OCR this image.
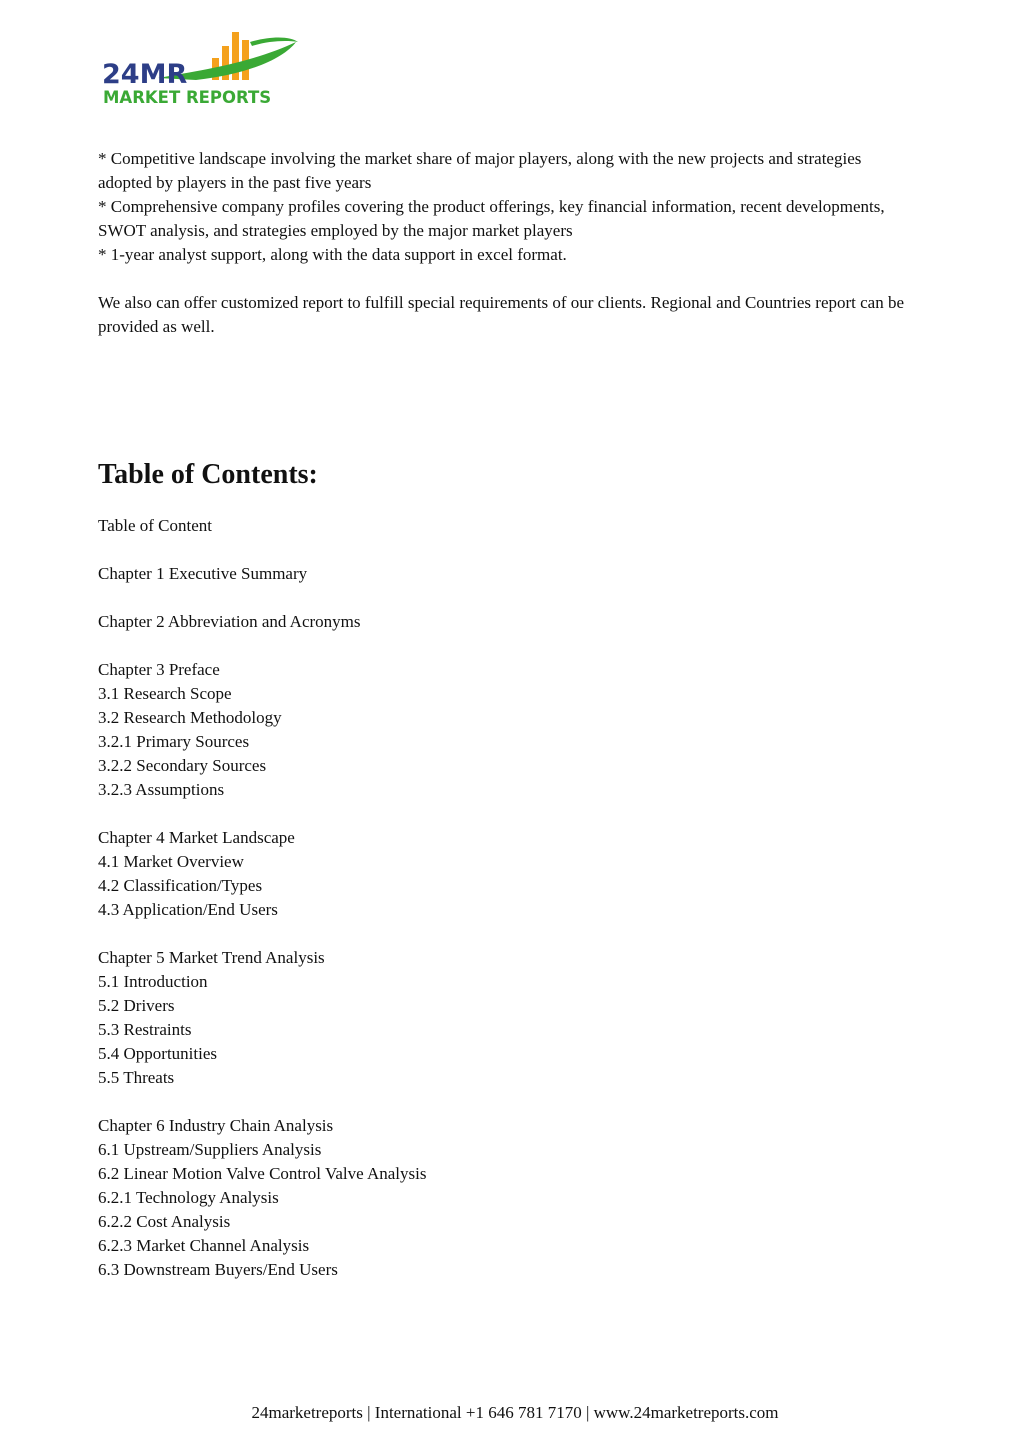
24MR
MARKET REPORTS

* Competitive landscape involving the market share of major players, along with the new projects and strategies adopted by players in the past five years

* Comprehensive company profiles covering the product offerings, key financial information, recent developments, SWOT analysis, and strategies employed by the major market players

* 1-year analyst support, along with the data support in excel format.

We also can offer customized report to fulfill special requirements of our clients. Regional and Countries report can be provided as well.

Table of Contents:
Table of Content
Chapter 1 Executive Summary
Chapter 2 Abbreviation and Acronyms
Chapter 3 Preface
3.1 Research Scope
3.2 Research Methodology
3.2.1 Primary Sources
3.2.2 Secondary Sources
3.2.3 Assumptions
Chapter 4 Market Landscape
4.1 Market Overview
4.2 Classification/Types
4.3 Application/End Users
Chapter 5 Market Trend Analysis
5.1 Introduction
5.2 Drivers
5.3 Restraints
5.4 Opportunities
5.5 Threats
Chapter 6 Industry Chain Analysis
6.1 Upstream/Suppliers Analysis
6.2 Linear Motion Valve Control Valve Analysis
6.2.1 Technology Analysis
6.2.2 Cost Analysis
6.2.3 Market Channel Analysis
6.3 Downstream Buyers/End Users
24marketreports | International +1 646 781 7170 | www.24marketreports.com
